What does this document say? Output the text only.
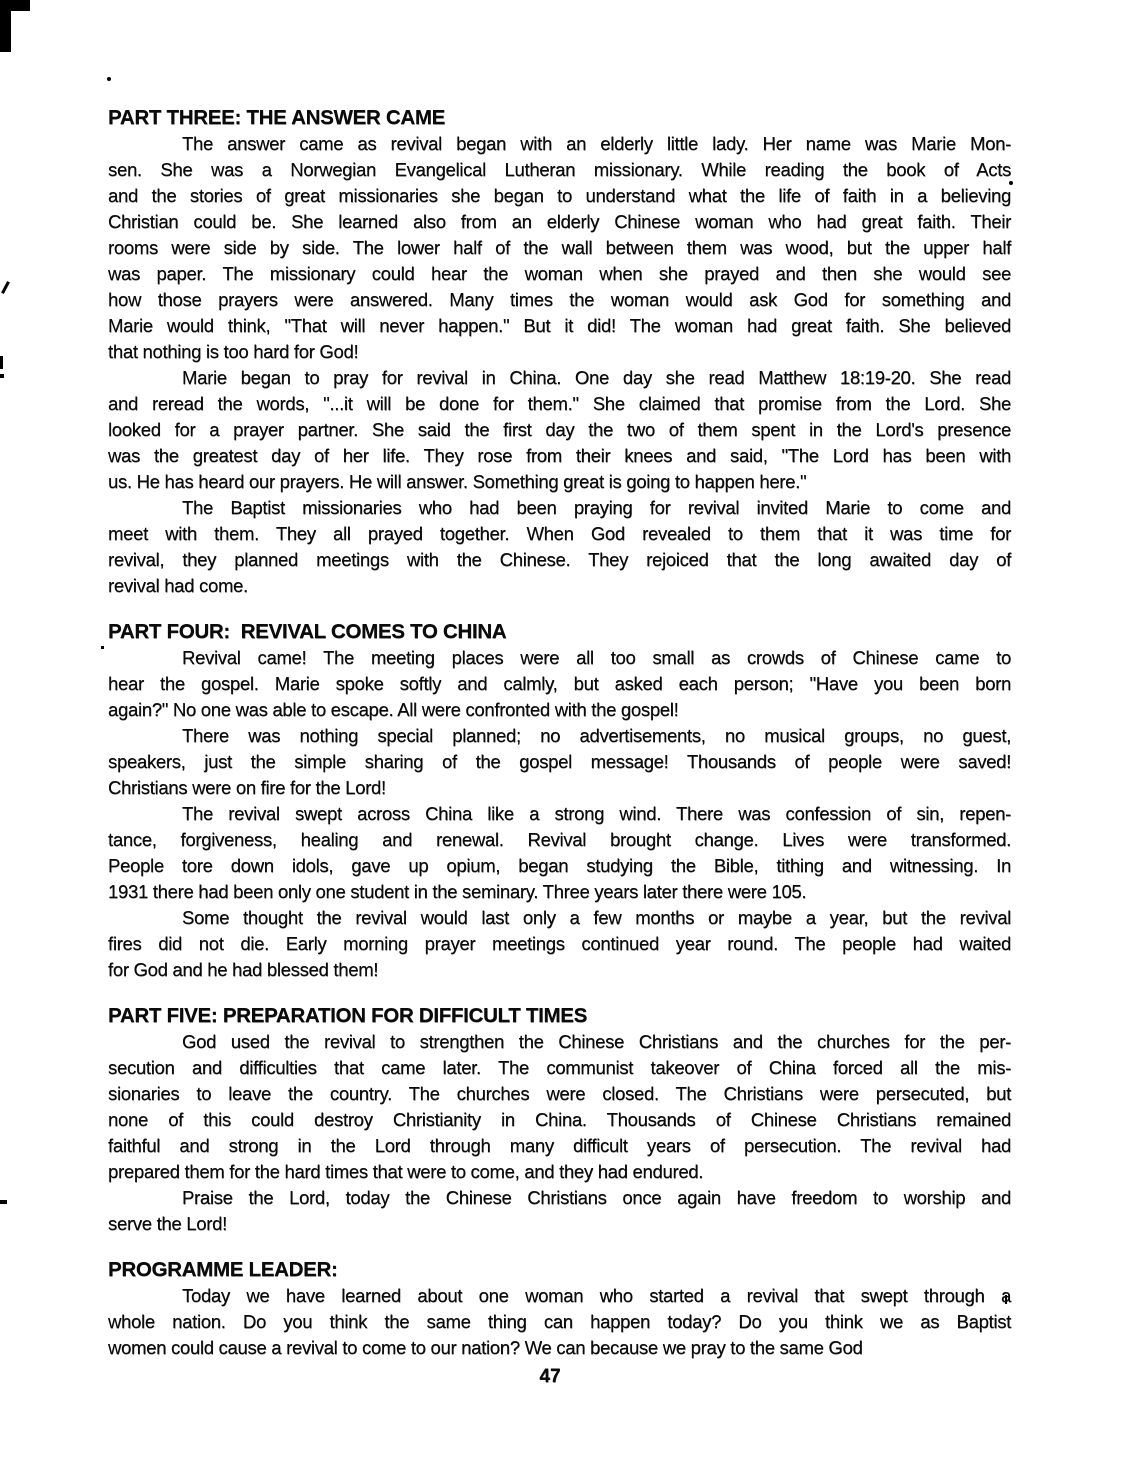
PART THREE: THE ANSWER CAME
The answer came as revival began with an elderly little lady. Her name was Marie Mon-
sen. She was a Norwegian Evangelical Lutheran missionary. While reading the book of Acts
and the stories of great missionaries she began to understand what the life of faith in a believing
Christian could be. She learned also from an elderly Chinese woman who had great faith. Their
rooms were side by side. The lower half of the wall between them was wood, but the upper half
was paper. The missionary could hear the woman when she prayed and then she would see
how those prayers were answered. Many times the woman would ask God for something and
Marie would think, "That will never happen." But it did! The woman had great faith. She believed
that nothing is too hard for God!
Marie began to pray for revival in China. One day she read Matthew 18:19-20. She read
and reread the words, "...it will be done for them." She claimed that promise from the Lord. She
looked for a prayer partner. She said the first day the two of them spent in the Lord's presence
was the greatest day of her life. They rose from their knees and said, "The Lord has been with
us. He has heard our prayers. He will answer. Something great is going to happen here."
The Baptist missionaries who had been praying for revival invited Marie to come and
meet with them. They all prayed together. When God revealed to them that it was time for
revival, they planned meetings with the Chinese. They rejoiced that the long awaited day of
revival had come.
PART FOUR:  REVIVAL COMES TO CHINA
Revival came! The meeting places were all too small as crowds of Chinese came to
hear the gospel. Marie spoke softly and calmly, but asked each person; "Have you been born
again?" No one was able to escape. All were confronted with the gospel!
There was nothing special planned; no advertisements, no musical groups, no guest,
speakers, just the simple sharing of the gospel message! Thousands of people were saved!
Christians were on fire for the Lord!
The revival swept across China like a strong wind. There was confession of sin, repen-
tance, forgiveness, healing and renewal. Revival brought change. Lives were transformed.
People tore down idols, gave up opium, began studying the Bible, tithing and witnessing. In
1931 there had been only one student in the seminary. Three years later there were 105.
Some thought the revival would last only a few months or maybe a year, but the revival
fires did not die. Early morning prayer meetings continued year round. The people had waited
for God and he had blessed them!
PART FIVE: PREPARATION FOR DIFFICULT TIMES
God used the revival to strengthen the Chinese Christians and the churches for the per-
secution and difficulties that came later. The communist takeover of China forced all the mis-
sionaries to leave the country. The churches were closed. The Christians were persecuted, but
none of this could destroy Christianity in China. Thousands of Chinese Christians remained
faithful and strong in the Lord through many difficult years of persecution. The revival had
prepared them for the hard times that were to come, and they had endured.
Praise the Lord, today the Chinese Christians once again have freedom to worship and
serve the Lord!
PROGRAMME LEADER:
Today we have learned about one woman who started a revival that swept through a
whole nation. Do you think the same thing can happen today? Do you think we as Baptist
women could cause a revival to come to our nation? We can because we pray to the same God
47
